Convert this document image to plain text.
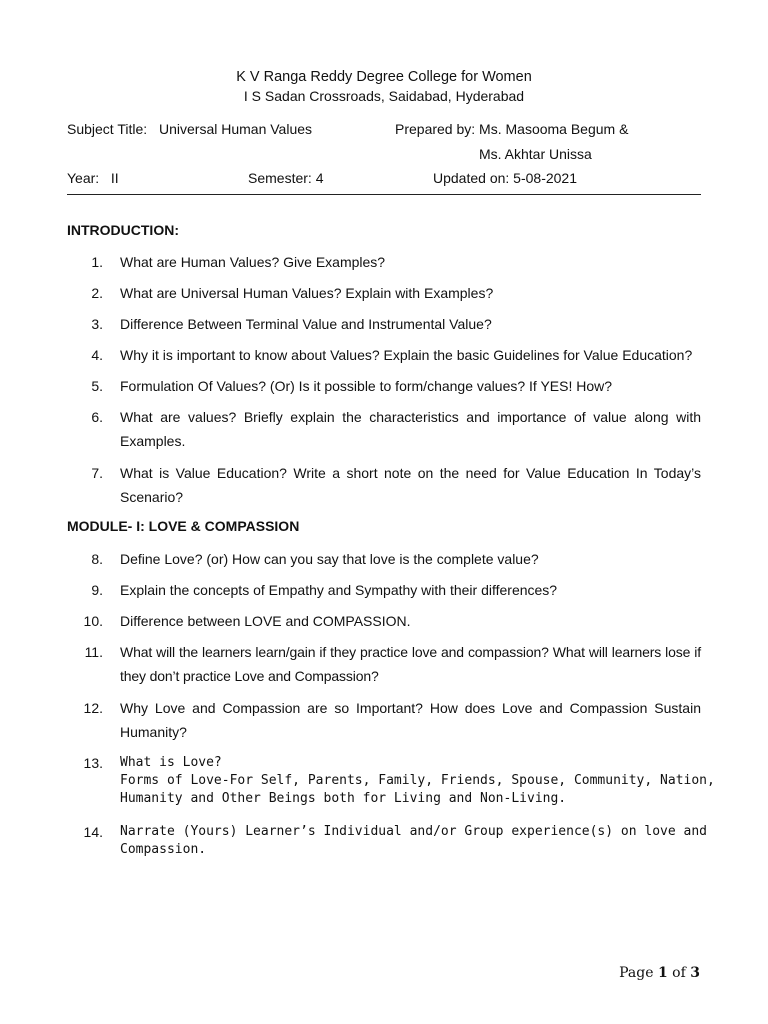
K V Ranga Reddy Degree College for Women
I S Sadan Crossroads, Saidabad, Hyderabad
Subject Title: Universal Human Values	Prepared by: Ms. Masooma Begum &
Ms. Akhtar Unissa
Year:   II	Semester: 4	Updated on: 5-08-2021
INTRODUCTION:
1. What are Human Values? Give Examples?
2. What are Universal Human Values? Explain with Examples?
3. Difference Between Terminal Value and Instrumental Value?
4. Why it is important to know about Values? Explain the basic Guidelines for Value Education?
5. Formulation Of Values? (Or) Is it possible to form/change values? If YES! How?
6. What are values? Briefly explain the characteristics and importance of value along with Examples.
7. What is Value Education? Write a short note on the need for Value Education In Today’s Scenario?
MODULE- I: LOVE & COMPASSION
8. Define Love? (or) How can you say that love is the complete value?
9. Explain the concepts of Empathy and Sympathy with their differences?
10. Difference between LOVE and COMPASSION.
11. What will the learners learn/gain if they practice love and compassion? What will learners lose if they don’t practice Love and Compassion?
12. Why Love and Compassion are so Important? How does Love and Compassion Sustain Humanity?
13. What is Love?
Forms of Love-For Self, Parents, Family, Friends, Spouse, Community, Nation,
Humanity and Other Beings both for Living and Non-Living.
14. Narrate (Yours) Learner’s Individual and/or Group experience(s) on love and
Compassion.
Page 1 of 3
